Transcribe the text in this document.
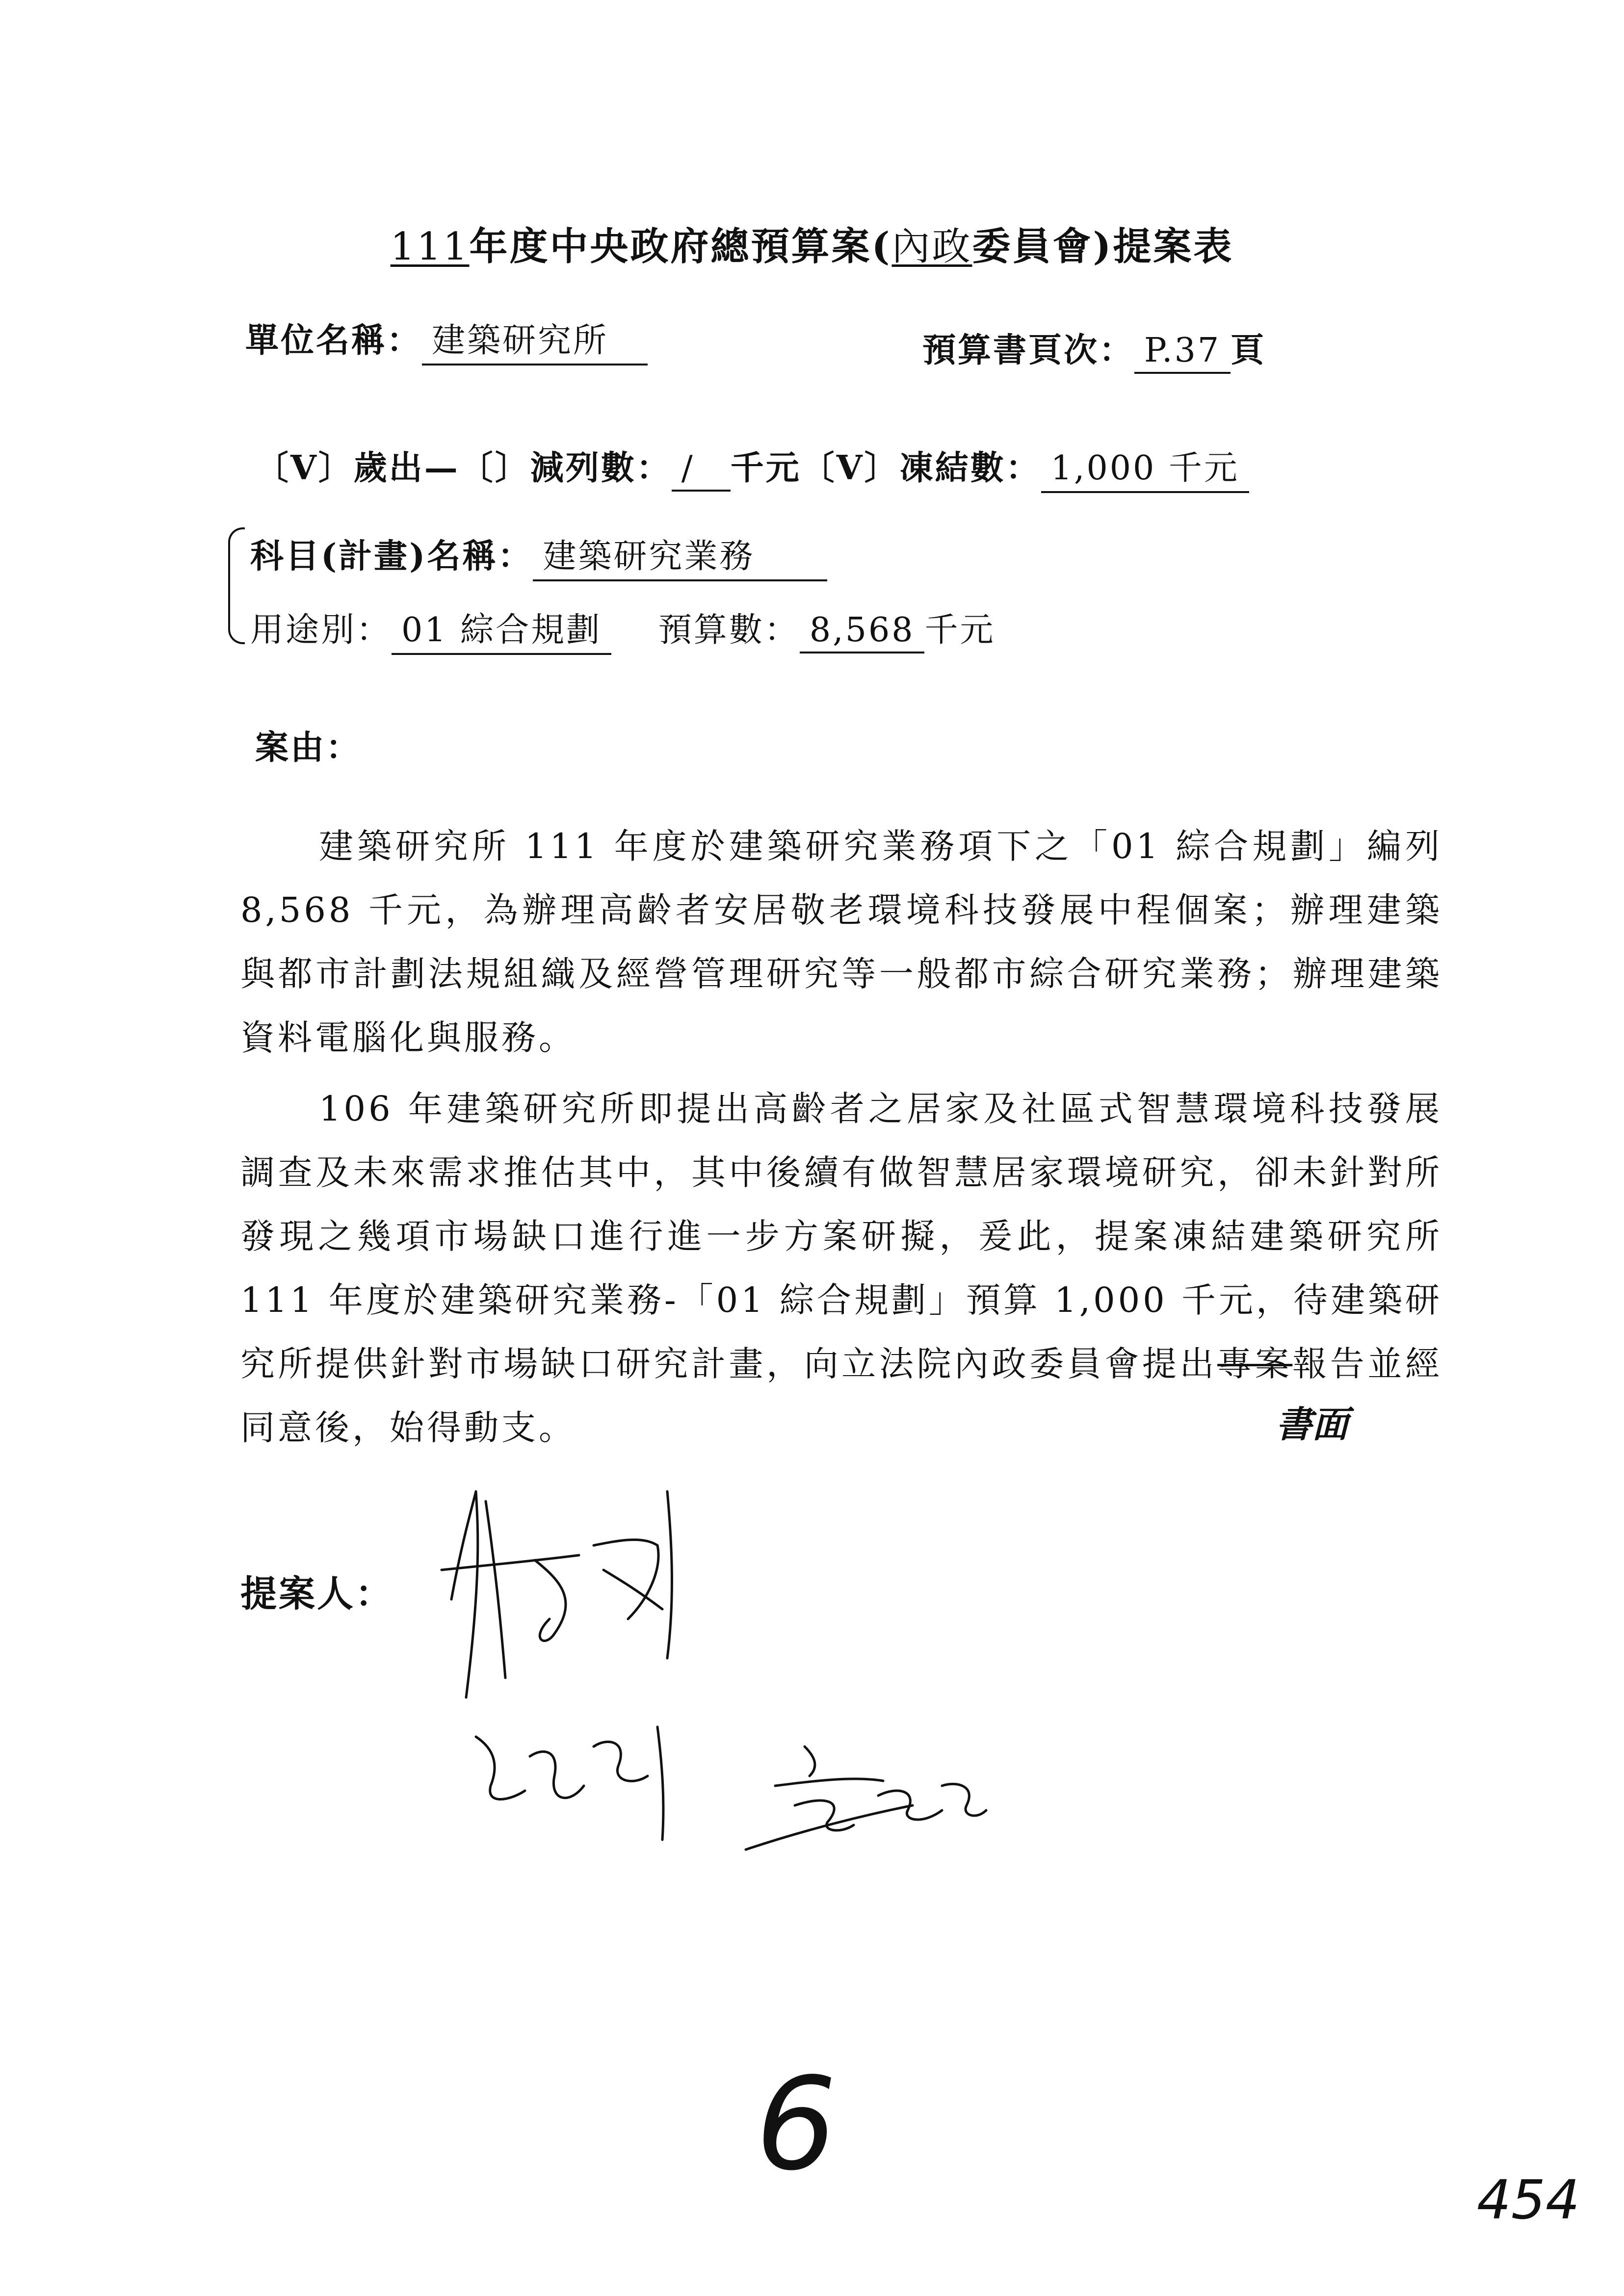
111年度中央政府總預算案(內政委員會)提案表
單位名稱： 建築研究所	預算書頁次： P.37 頁
〔V〕歲出—〔〕減列數： / 千元〔V〕凍結數： 1,000 千元
科目(計畫)名稱： 建築研究業務
用途別： 01 綜合規劃 預算數： 8,568 千元
案由：
建築研究所 111 年度於建築研究業務項下之「01 綜合規劃」編列 8,568 千元，為辦理高齡者安居敬老環境科技發展中程個案；辦理建築與都市計劃法規組織及經營管理研究等一般都市綜合研究業務；辦理建築資料電腦化與服務。
106 年建築研究所即提出高齡者之居家及社區式智慧環境科技發展調查及未來需求推估其中，其中後續有做智慧居家環境研究，卻未針對所發現之幾項市場缺口進行進一步方案研擬，爰此，提案凍結建築研究所 111 年度於建築研究業務-「01 綜合規劃」預算 1,000 千元，待建築研究所提供針對市場缺口研究計畫，向立法院內政委員會提出專案報告並經同意後，始得動支。	書面
提案人：
6
454
